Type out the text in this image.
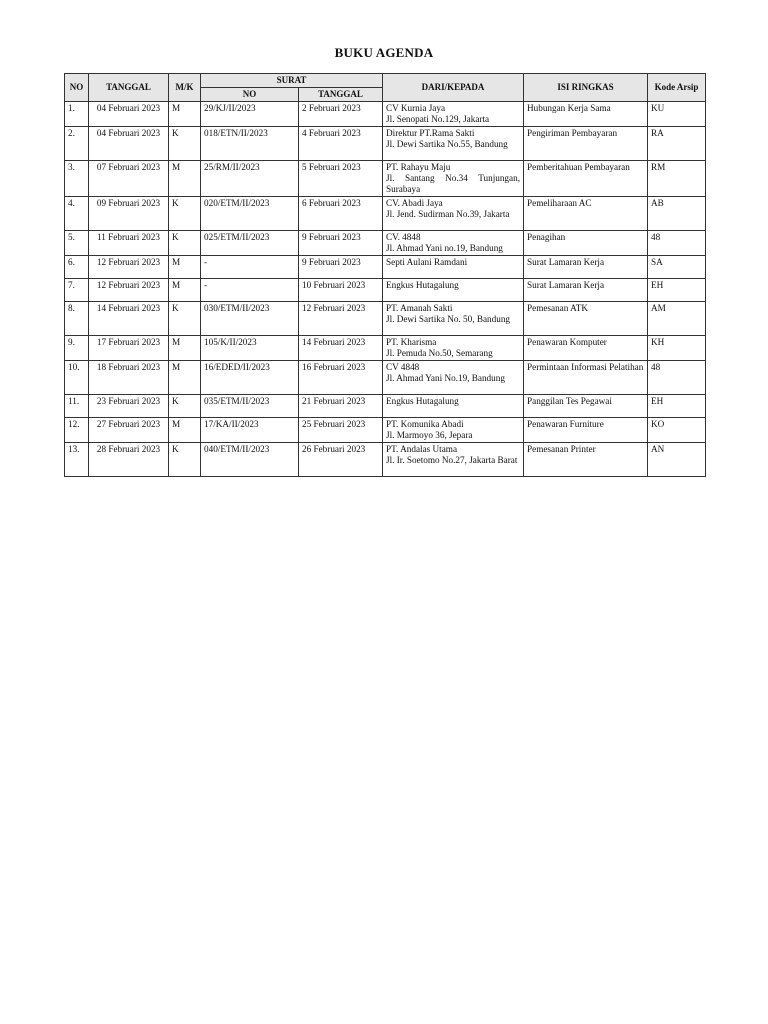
BUKU AGENDA
NO	TANGGAL	M/K	SURAT		DARI/KEPADA	ISI RINGKAS	Kode Arsip
			NO	TANGGAL			
1.	04 Februari 2023	M	29/KJ/II/2023	2 Februari 2023	CV Kurnia Jaya
Jl. Senopati No.129, Jakarta	Hubungan Kerja Sama	KU
2.	04 Februari 2023	K	018/ETN/II/2023	4 Februari 2023	Direktur PT.Rama Sakti
Jl. Dewi Sartika No.55, Bandung	Pengiriman Pembayaran	RA
3.	07 Februari 2023	M	25/RM/II/2023	5 Februari 2023	PT. Rahayu Maju
Jl. Santang No.34 Tunjungan, Surabaya	Pemberitahuan Pembayaran	RM
4.	09 Februari 2023	K	020/ETM/II/2023	6 Februari 2023	CV. Abadi Jaya
Jl. Jend. Sudirman No.39, Jakarta	Pemeliharaan AC	AB
5.	11 Februari 2023	K	025/ETM/II/2023	9 Februari 2023	CV. 4848
Jl. Ahmad Yani no.19, Bandung	Penagihan	48
6.	12 Februari 2023	M	-	9 Februari 2023	Septi Aulani Ramdani	Surat Lamaran Kerja	SA
7.	12 Februari 2023	M	-	10 Februari 2023	Engkus Hutagalung	Surat Lamaran Kerja	EH
8.	14 Februari 2023	K	030/ETM/II/2023	12 Februari 2023	PT. Amanah Sakti
Jl. Dewi Sartika No. 50, Bandung	Pemesanan ATK	AM
9.	17 Februari 2023	M	105/K/II/2023	14 Februari 2023	PT. Kharisma
Jl. Pemuda No.50, Semarang	Penawaran Komputer	KH
10.	18 Februari 2023	M	16/EDED/II/2023	16 Februari 2023	CV 4848
Jl. Ahmad Yani No.19, Bandung	Permintaan Informasi Pelatihan	48
11.	23 Februari 2023	K	035/ETM/II/2023	21 Februari 2023	Engkus Hutagalung	Panggilan Tes Pegawai	EH
12.	27 Februari 2023	M	17/KA/II/2023	25 Februari 2023	PT. Komunika Abadi
Jl. Marmoyo 36, Jepara	Penawaran Furniture	KO
13.	28 Februari 2023	K	040/ETM/II/2023	26 Februari 2023	PT. Andalas Utama
Jl. Ir. Soetomo No.27, Jakarta Barat	Pemesanan Printer	AN
